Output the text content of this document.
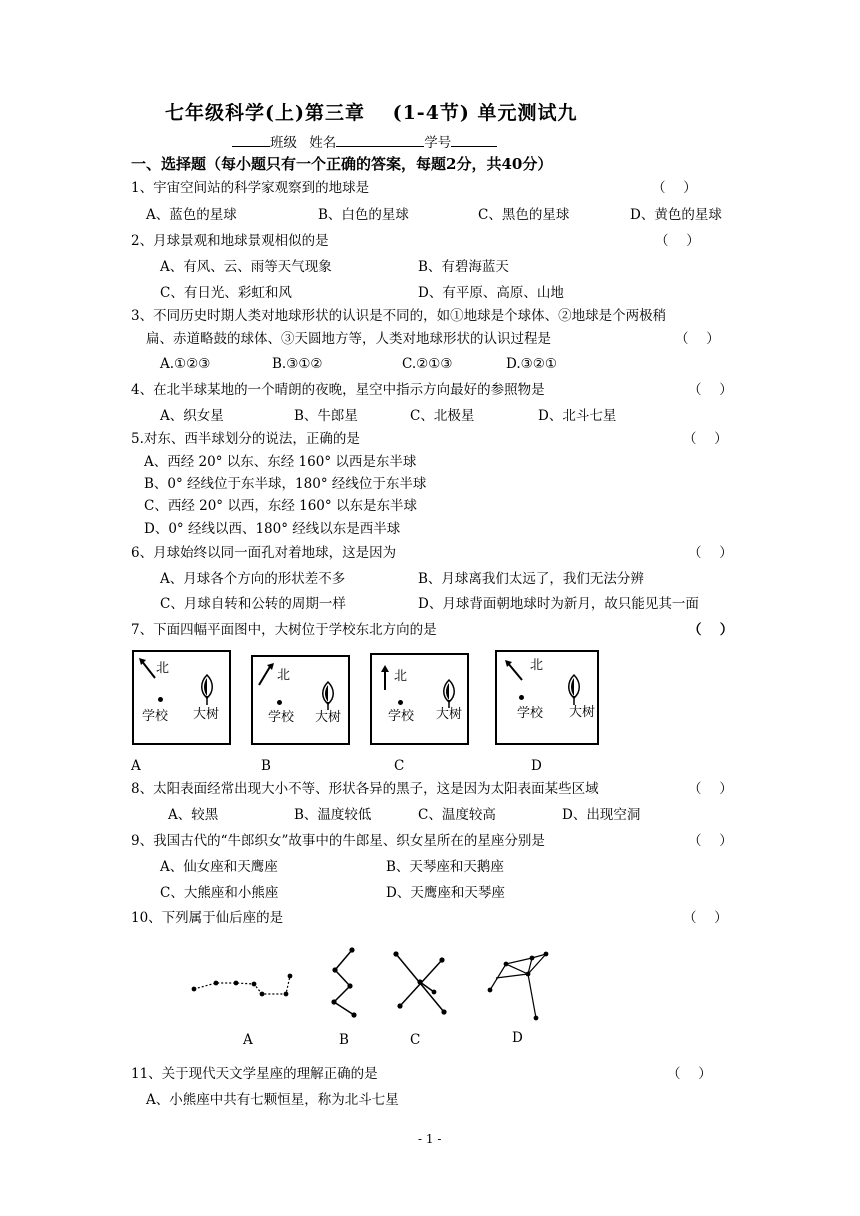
七年级科学(上)第三章　 (1-4节) 单元测试九
班级 姓名	学号
一、选择题（每小题只有一个正确的答案，每题2分，共40分）
1、宇宙空间站的科学家观察到的地球是	（　 ）
A、蓝色的星球	B、白色的星球	C、黑色的星球	D、黄色的星球
2、月球景观和地球景观相似的是	（　 ）
A、有风、云、雨等天气现象	B、有碧海蓝天
C、有日光、彩虹和风	D、有平原、高原、山地
3、不同历史时期人类对地球形状的认识是不同的，如①地球是个球体、②地球是个两极稍
扁、赤道略鼓的球体、③天圆地方等，人类对地球形状的认识过程是	（　 ）
A.①②③	B.③①②	C.②①③	D.③②①
4、在北半球某地的一个晴朗的夜晚，星空中指示方向最好的参照物是	（　 ）
A、织女星	B、牛郎星	C、北极星	D、北斗七星
5.对东、西半球划分的说法，正确的是	（　 ）
A、西经 20° 以东、东经 160° 以西是东半球
B、0° 经线位于东半球，180° 经线位于东半球
C、西经 20° 以西，东经 160° 以东是东半球
D、0° 经线以西、180° 经线以东是西半球
6、月球始终以同一面孔对着地球，这是因为	（　 ）
A、月球各个方向的形状差不多	B、月球离我们太远了，我们无法分辨
C、月球自转和公转的周期一样	D、月球背面朝地球时为新月，故只能见其一面
7、下面四幅平面图中，大树位于学校东北方向的是	（　 ）
北
学校 大树
A
北
学校 大树
B
北
学校 大树
C
北
学校 大树
D
8、太阳表面经常出现大小不等、形状各异的黑子，这是因为太阳表面某些区域	（　 ）
A、较黑	B、温度较低	C、温度较高	D、出现空洞
9、我国古代的“牛郎织女”故事中的牛郎星、织女星所在的星座分别是	（　 ）
A、仙女座和天鹰座	B、天琴座和天鹅座
C、大熊座和小熊座	D、天鹰座和天琴座
10、下列属于仙后座的是	（　 ）
A	B	C	D
11、关于现代天文学星座的理解正确的是	（　 ）
A、小熊座中共有七颗恒星，称为北斗七星
- 1 -
